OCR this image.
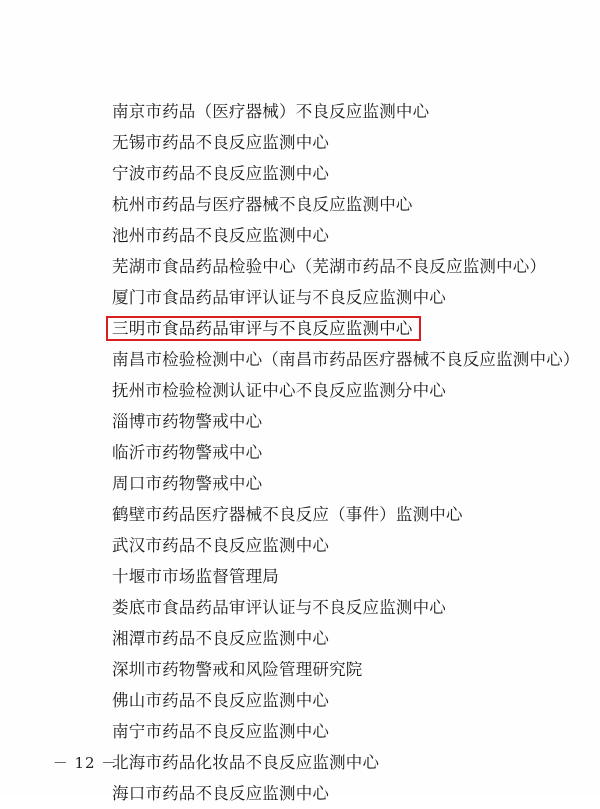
南京市药品（医疗器械）不良反应监测中心
无锡市药品不良反应监测中心
宁波市药品不良反应监测中心
杭州市药品与医疗器械不良反应监测中心
池州市药品不良反应监测中心
芜湖市食品药品检验中心（芜湖市药品不良反应监测中心）
厦门市食品药品审评认证与不良反应监测中心
三明市食品药品审评与不良反应监测中心
南昌市检验检测中心（南昌市药品医疗器械不良反应监测中心）
抚州市检验检测认证中心不良反应监测分中心
淄博市药物警戒中心
临沂市药物警戒中心
周口市药物警戒中心
鹤壁市药品医疗器械不良反应（事件）监测中心
武汉市药品不良反应监测中心
十堰市市场监督管理局
娄底市食品药品审评认证与不良反应监测中心
湘潭市药品不良反应监测中心
深圳市药物警戒和风险管理研究院
佛山市药品不良反应监测中心
南宁市药品不良反应监测中心
北海市药品化妆品不良反应监测中心
海口市药品不良反应监测中心
－ 12 －
